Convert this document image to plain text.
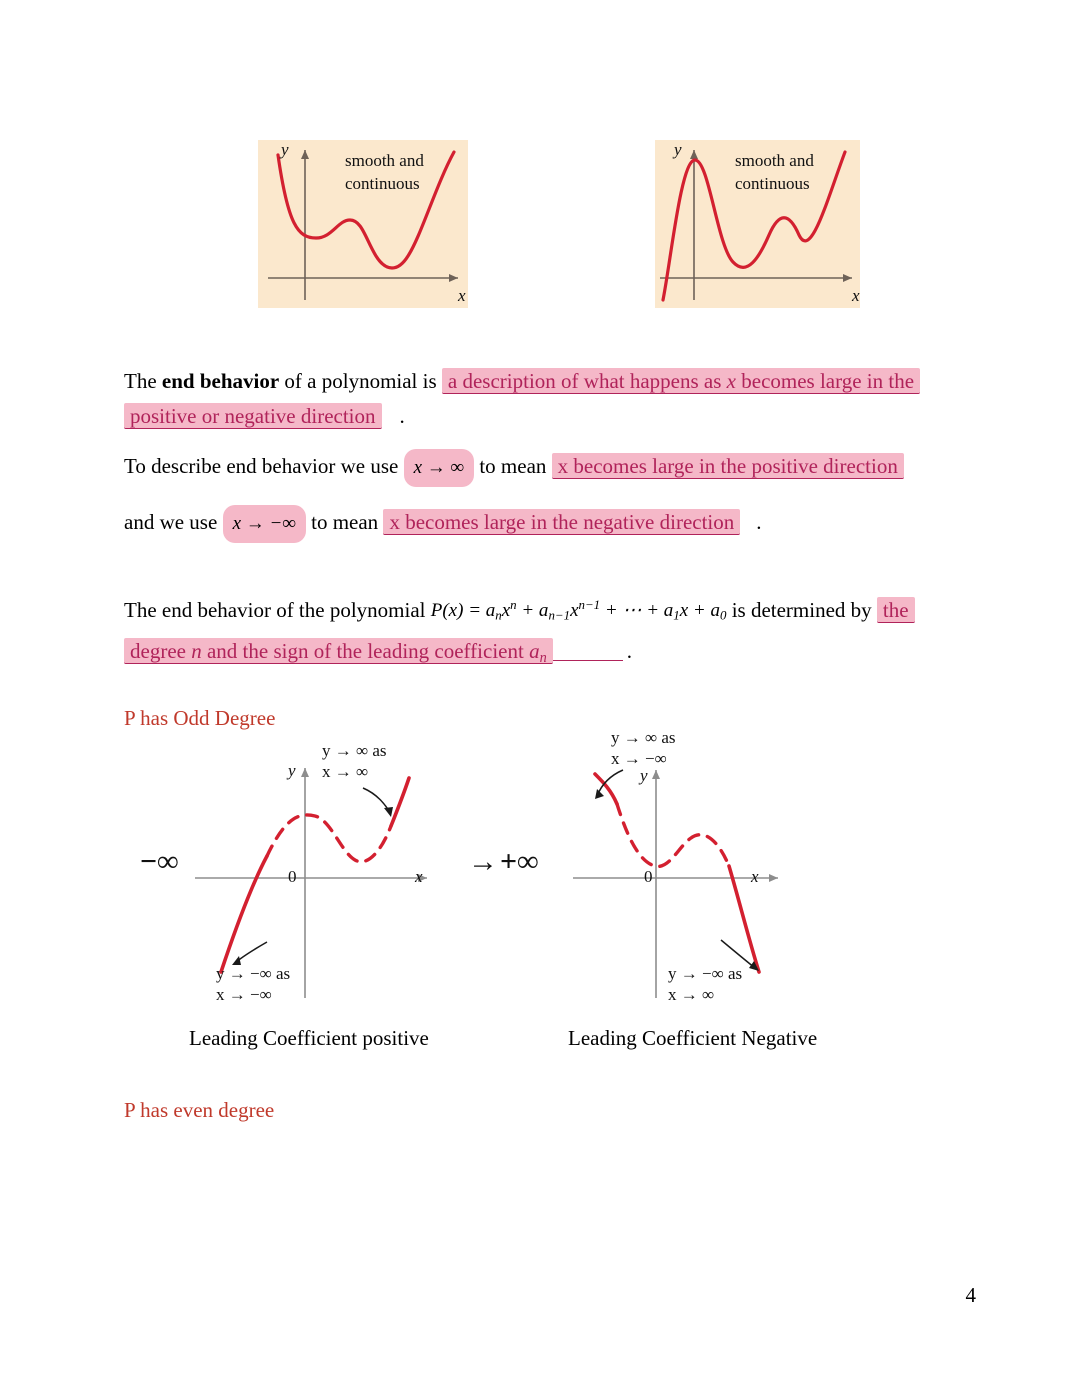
smooth and
continuous
y
x
smooth and
continuous
y
x
The end behavior of a polynomial is a description of what happens as x becomes large in the
positive or negative direction .
To describe end behavior we use x → ∞ to mean x becomes large in the positive direction
and we use x → −∞ to mean x becomes large in the negative direction .
The end behavior of the polynomial $P(x) = a_nx^n + a_{n-1}x^{n-1}$ + ⋯ + $a_1x + a_0$ is determined by the
degree n and the sign of the leading coefficient $a_n$	.
P has Odd Degree
y → ∞ as
x → ∞
y
x
0
y → −∞ as
x → −∞
−∞	→ +∞
y → ∞ as
x → −∞
y
x
0
y → −∞ as
x → ∞
Leading Coefficient positive	Leading Coefficient Negative
P has even degree
4
